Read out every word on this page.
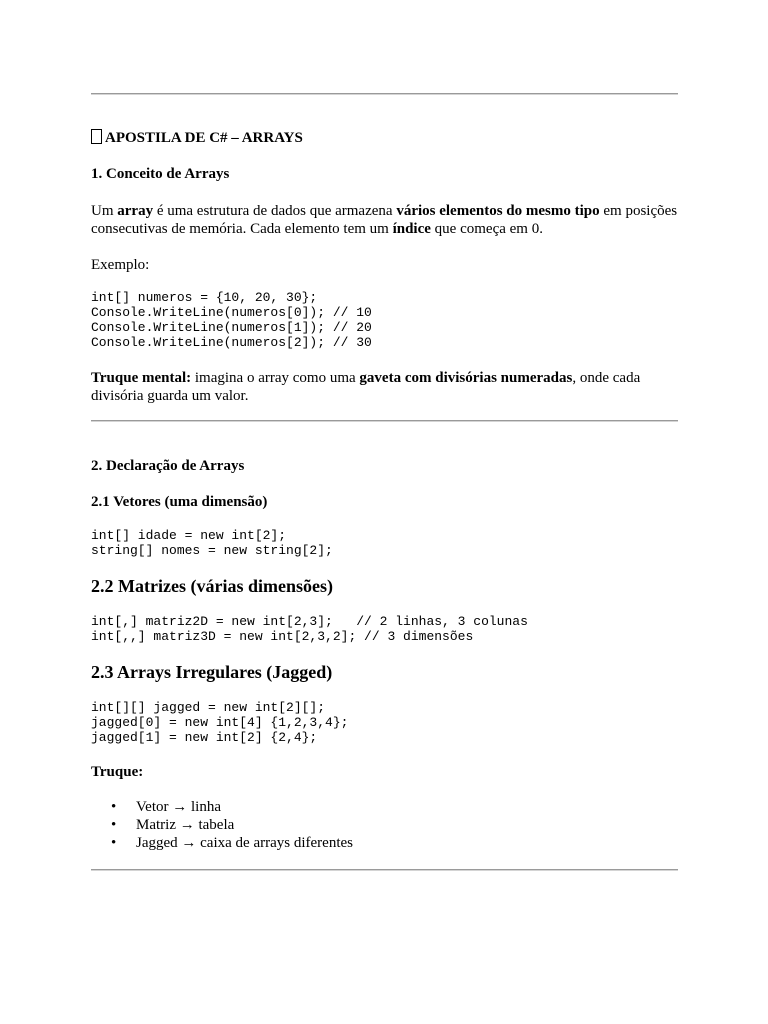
APOSTILA DE C# – ARRAYS

1. Conceito de Arrays

Um array é uma estrutura de dados que armazena vários elementos do mesmo tipo em posições consecutivas de memória. Cada elemento tem um índice que começa em 0.

Exemplo:

int[] numeros = {10, 20, 30};
Console.WriteLine(numeros[0]); // 10
Console.WriteLine(numeros[1]); // 20
Console.WriteLine(numeros[2]); // 30

Truque mental: imagina o array como uma gaveta com divisórias numeradas, onde cada divisória guarda um valor.

2. Declaração de Arrays

2.1 Vetores (uma dimensão)

int[] idade = new int[2];
string[] nomes = new string[2];

2.2 Matrizes (várias dimensões)

int[,] matriz2D = new int[2,3];   // 2 linhas, 3 colunas
int[,,] matriz3D = new int[2,3,2]; // 3 dimensões

2.3 Arrays Irregulares (Jagged)

int[][] jagged = new int[2][];
jagged[0] = new int[4] {1,2,3,4};
jagged[1] = new int[2] {2,4};

Truque:

• Vetor → linha
• Matriz → tabela
• Jagged → caixa de arrays diferentes
